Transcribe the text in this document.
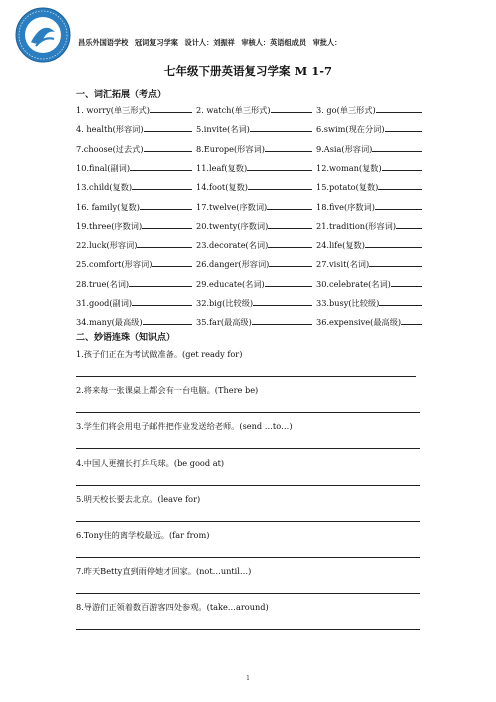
昌乐外国语学校 冠词复习学案 设计人：刘振祥 审核人：英语组成员 审批人：
七年级下册英语复习学案 M 1-7
一、词汇拓展（考点）
1. worry(单三形式)	2. watch(单三形式)	3. go(单三形式)
4. health(形容词)	5.invite(名词)	6.swim(现在分词)
7.choose(过去式)	8.Europe(形容词)	9.Asia(形容词)
10.final(副词)	11.leaf(复数)	12.woman(复数)
13.child(复数)	14.foot(复数)	15.potato(复数)
16. family(复数)	17.twelve(序数词)	18.five(序数词)
19.three(序数词)	20.twenty(序数词)	21.tradition(形容词)
22.luck(形容词)	23.decorate(名词)	24.life(复数)
25.comfort(形容词)	26.danger(形容词)	27.visit(名词)
28.true(名词)	29.educate(名词)	30.celebrate(名词)
31.good(副词)	32.big(比较级)	33.busy(比较级)
34.many(最高级)	35.far(最高级)	36.expensive(最高级)
二、妙语连珠（知识点）
1.孩子们正在为考试做准备。(get ready for)
2.将来每一张课桌上都会有一台电脑。(There be)
3.学生们将会用电子邮件把作业发送给老师。(send …to…)
4.中国人更擅长打乒乓球。(be good at)
5.明天校长要去北京。(leave for)
6.Tony住的离学校最远。(far from)
7.昨天Betty直到雨停她才回家。(not…until…)
8.导游们正领着数百游客四处参观。(take…around)
1
